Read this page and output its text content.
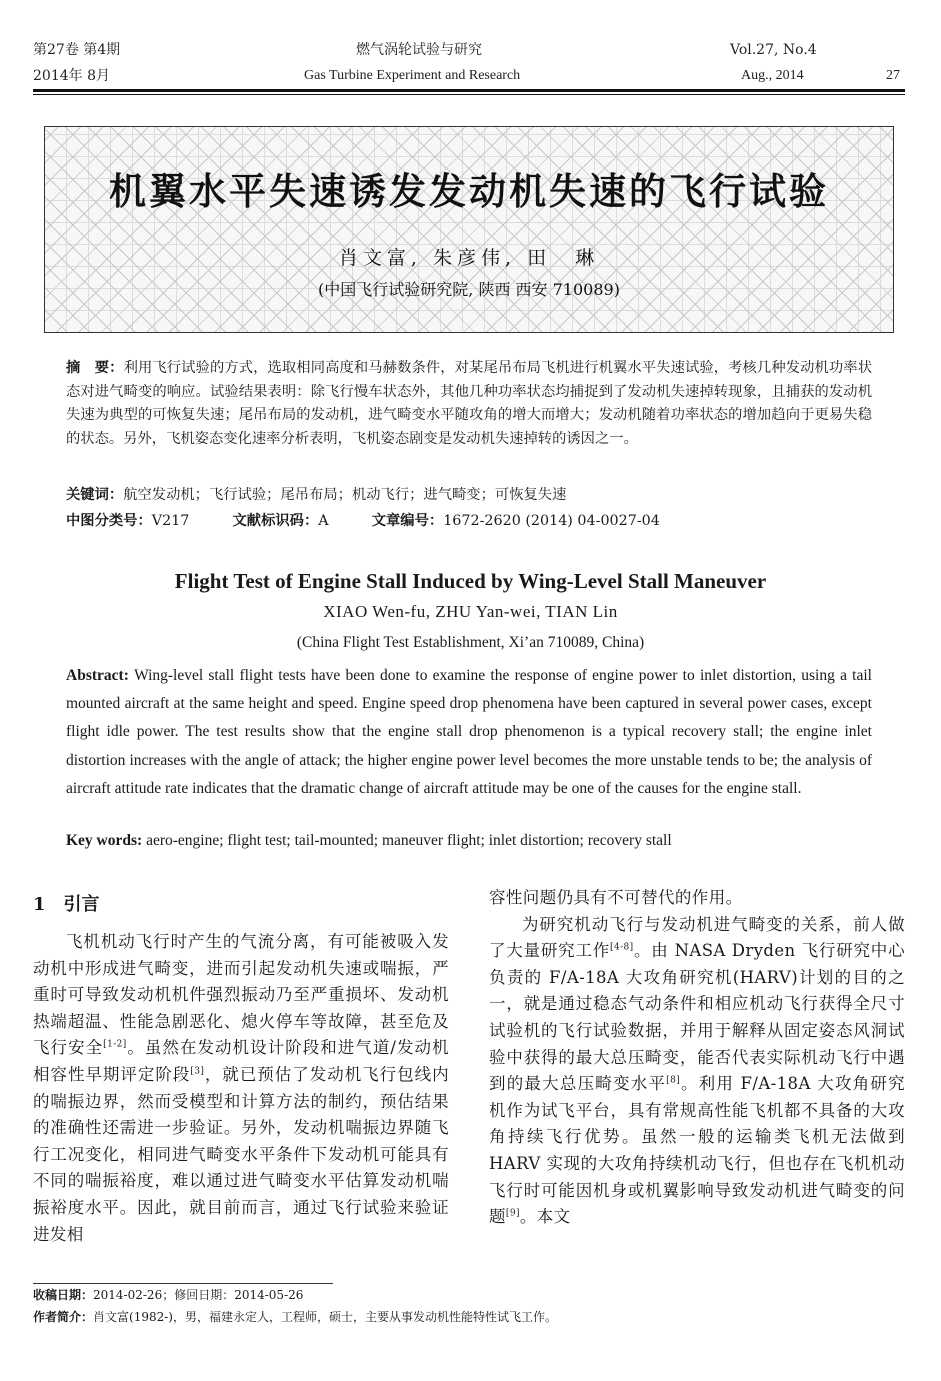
第27卷 第4期	燃气涡轮试验与研究	Vol.27, No.4
2014年 8月	Gas Turbine Experiment and Research	Aug., 2014	27
机翼水平失速诱发发动机失速的飞行试验
肖文富, 朱彦伟, 田　琳
(中国飞行试验研究院, 陕西 西安 710089)
摘　要：利用飞行试验的方式，选取相同高度和马赫数条件，对某尾吊布局飞机进行机翼水平失速试验，考核几种发动机功率状态对进气畸变的响应。试验结果表明：除飞行慢车状态外，其他几种功率状态均捕捉到了发动机失速掉转现象，且捕获的发动机失速为典型的可恢复失速；尾吊布局的发动机，进气畸变水平随攻角的增大而增大；发动机随着功率状态的增加趋向于更易失稳的状态。另外，飞机姿态变化速率分析表明，飞机姿态剧变是发动机失速掉转的诱因之一。
关键词：航空发动机；飞行试验；尾吊布局；机动飞行；进气畸变；可恢复失速
中图分类号：V217	文献标识码：A	文章编号：1672-2620 (2014) 04-0027-04
Flight Test of Engine Stall Induced by Wing-Level Stall Maneuver
XIAO Wen-fu, ZHU Yan-wei, TIAN Lin
(China Flight Test Establishment, Xi’an 710089, China)
Abstract: Wing-level stall flight tests have been done to examine the response of engine power to inlet distortion, using a tail mounted aircraft at the same height and speed. Engine speed drop phenomena have been captured in several power cases, except flight idle power. The test results show that the engine stall drop phenomenon is a typical recovery stall; the engine inlet distortion increases with the angle of attack; the higher engine power level becomes the more unstable tends to be; the analysis of aircraft attitude rate indicates that the dramatic change of aircraft attitude may be one of the causes for the engine stall.
Key words: aero-engine; flight test; tail-mounted; maneuver flight; inlet distortion; recovery stall
1　引言
飞机机动飞行时产生的气流分离，有可能被吸入发动机中形成进气畸变，进而引起发动机失速或喘振，严重时可导致发动机机件强烈振动乃至严重损坏、发动机热端超温、性能急剧恶化、熄火停车等故障，甚至危及飞行安全[1-2]。虽然在发动机设计阶段和进气道/发动机相容性早期评定阶段[3]，就已预估了发动机飞行包线内的喘振边界，然而受模型和计算方法的制约，预估结果的准确性还需进一步验证。另外，发动机喘振边界随飞行工况变化，相同进气畸变水平条件下发动机可能具有不同的喘振裕度，难以通过进气畸变水平估算发动机喘振裕度水平。因此，就目前而言，通过飞行试验来验证进发相
容性问题仍具有不可替代的作用。
为研究机动飞行与发动机进气畸变的关系，前人做了大量研究工作[4-8]。由 NASA Dryden 飞行研究中心负责的 F/A-18A 大攻角研究机(HARV)计划的目的之一，就是通过稳态气动条件和相应机动飞行获得全尺寸试验机的飞行试验数据，并用于解释从固定姿态风洞试验中获得的最大总压畸变，能否代表实际机动飞行中遇到的最大总压畸变水平[8]。利用 F/A-18A 大攻角研究机作为试飞平台，具有常规高性能飞机都不具备的大攻角持续飞行优势。虽然一般的运输类飞机无法做到 HARV 实现的大攻角持续机动飞行，但也存在飞机机动飞行时可能因机身或机翼影响导致发动机进气畸变的问题[9]。本文
收稿日期：2014-02-26；修回日期：2014-05-26
作者简介：肖文富(1982-)，男，福建永定人，工程师，硕士，主要从事发动机性能特性试飞工作。
